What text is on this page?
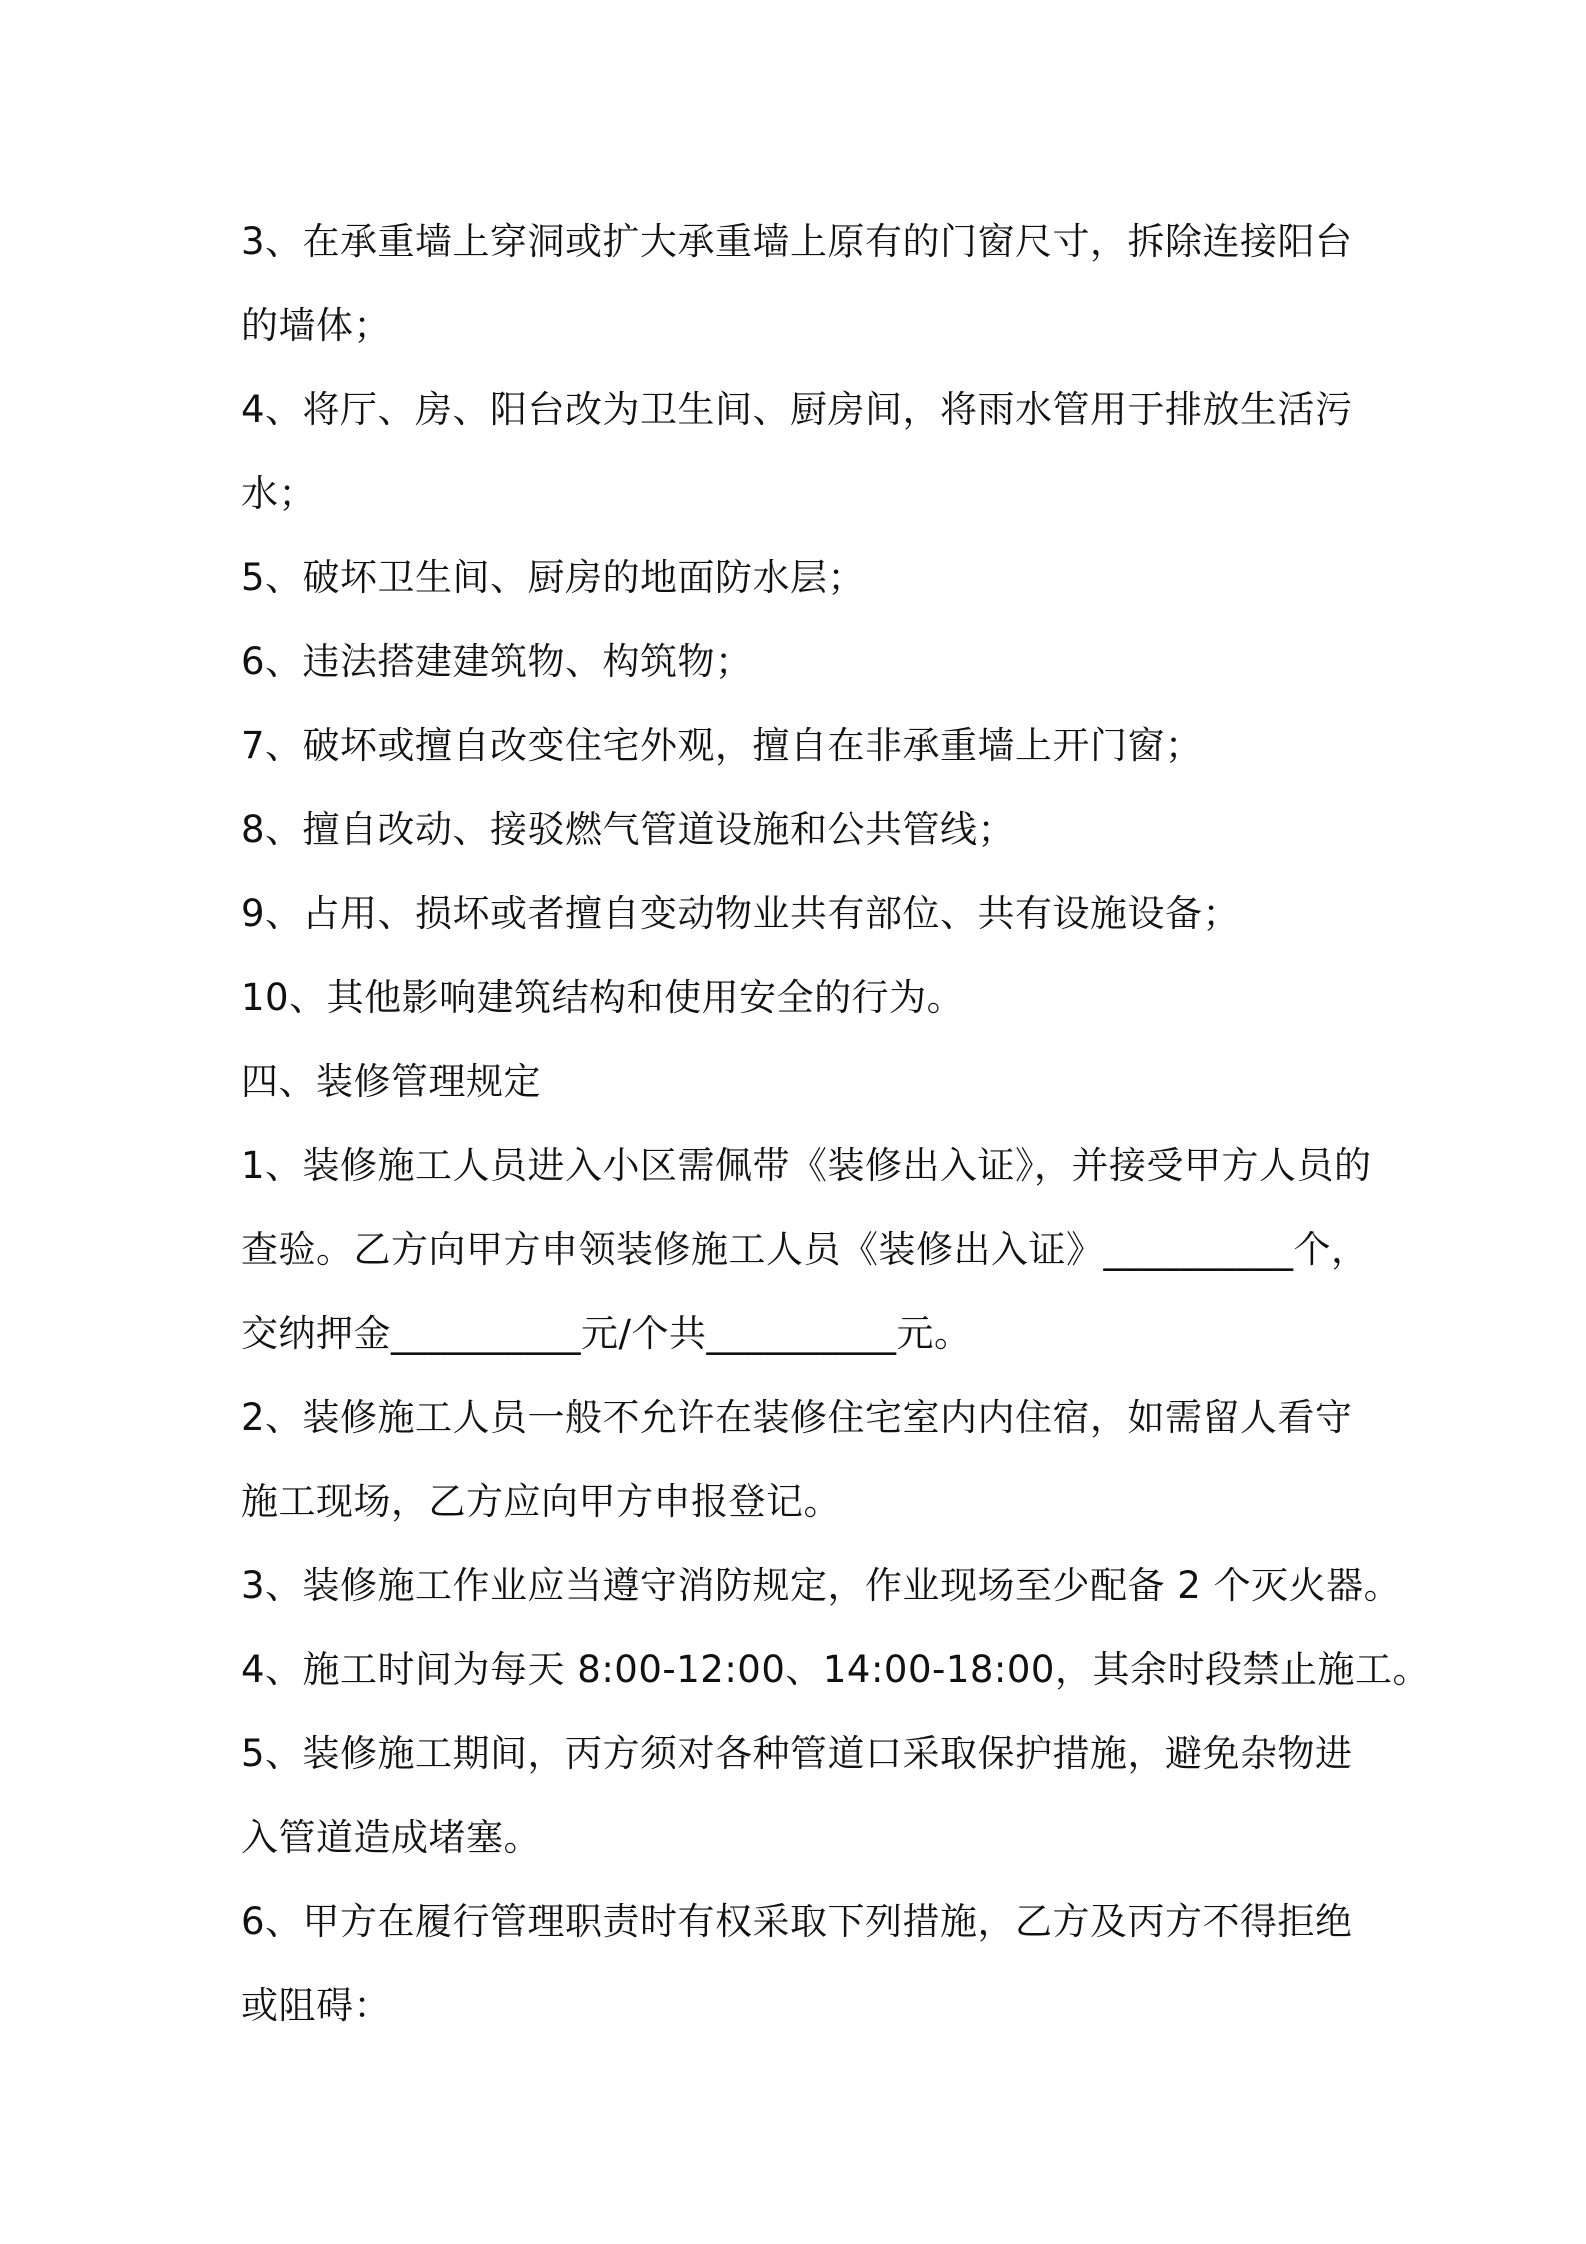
3、在承重墙上穿洞或扩大承重墙上原有的门窗尺寸，拆除连接阳台
的墙体；
4、将厅、房、阳台改为卫生间、厨房间，将雨水管用于排放生活污
水；
5、破坏卫生间、厨房的地面防水层；
6、违法搭建建筑物、构筑物；
7、破坏或擅自改变住宅外观，擅自在非承重墙上开门窗；
8、擅自改动、接驳燃气管道设施和公共管线；
9、占用、损坏或者擅自变动物业共有部位、共有设施设备；
10、其他影响建筑结构和使用安全的行为。
四、装修管理规定
1、装修施工人员进入小区需佩带《装修出入证》，并接受甲方人员的
查验。乙方向甲方申领装修施工人员《装修出入证》__________个，
交纳押金__________元/个共__________元。
2、装修施工人员一般不允许在装修住宅室内内住宿，如需留人看守
施工现场，乙方应向甲方申报登记。
3、装修施工作业应当遵守消防规定，作业现场至少配备 2 个灭火器。
4、施工时间为每天 8:00-12:00、14:00-18:00，其余时段禁止施工。
5、装修施工期间，丙方须对各种管道口采取保护措施，避免杂物进
入管道造成堵塞。
6、甲方在履行管理职责时有权采取下列措施，乙方及丙方不得拒绝
或阻碍：
